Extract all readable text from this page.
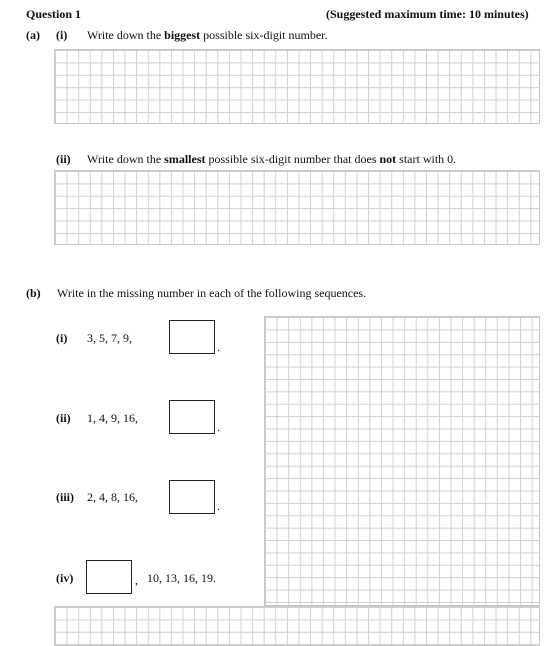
Question 1	(Suggested maximum time: 10 minutes)
(a) (i) Write down the biggest possible six-digit number.
(ii) Write down the smallest possible six-digit number that does not start with 0.
(b) Write in the missing number in each of the following sequences.
(i) 3, 5, 7, 9,
.
(ii) 1, 4, 9, 16,
.
(iii) 2, 4, 8, 16,
.
(iv)	, 10, 13, 16, 19.
